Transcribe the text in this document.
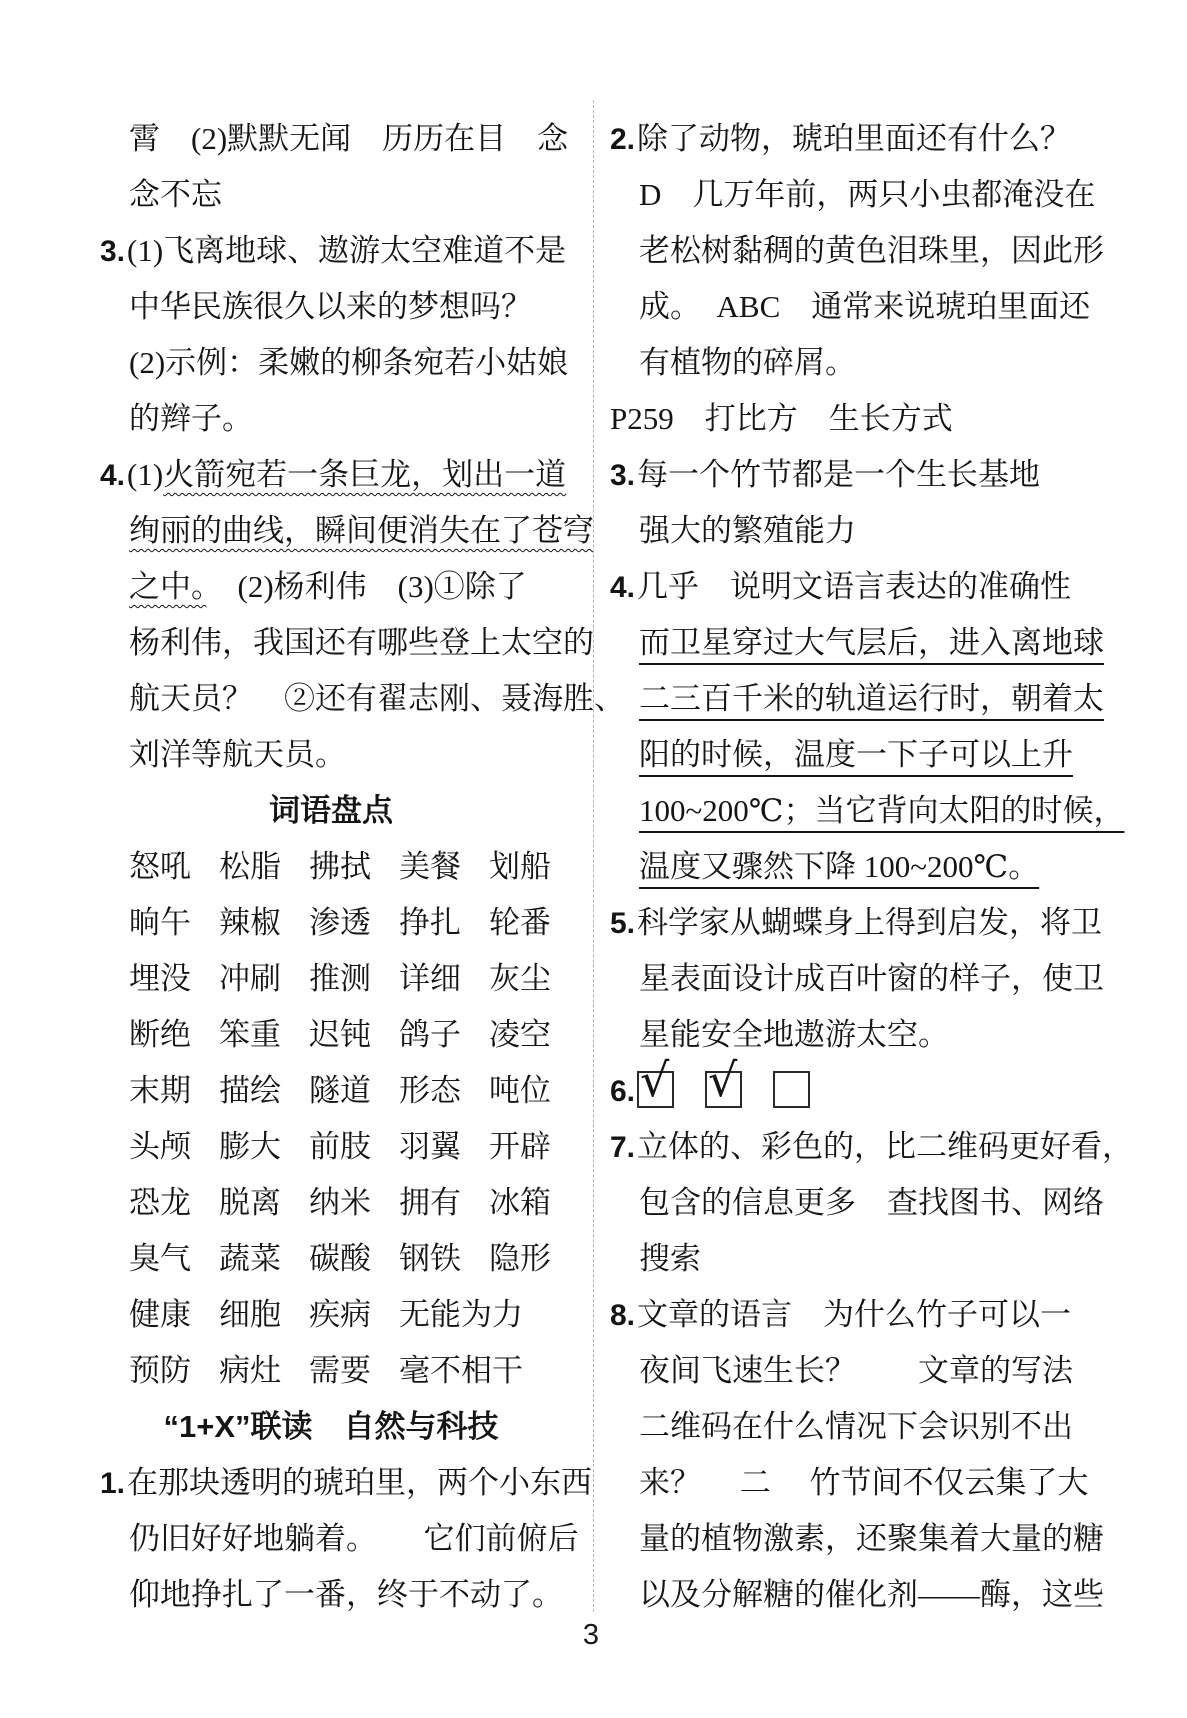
霄　(2)默默无闻　历历在目　念
念不忘
3.(1)飞离地球、遨游太空难道不是
中华民族很久以来的梦想吗？
(2)示例：柔嫩的柳条宛若小姑娘
的辫子。
4.(1)火箭宛若一条巨龙，划出一道
绚丽的曲线，瞬间便消失在了苍穹
之中。　(2)杨利伟　(3)①除了
杨利伟，我国还有哪些登上太空的
航天员？　②还有翟志刚、聂海胜、
刘洋等航天员。
词语盘点
怒吼 松脂 拂拭 美餐 划船
晌午 辣椒 渗透 挣扎 轮番
埋没 冲刷 推测 详细 灰尘
断绝 笨重 迟钝 鸽子 凌空
末期 描绘 隧道 形态 吨位
头颅 膨大 前肢 羽翼 开辟
恐龙 脱离 纳米 拥有 冰箱
臭气 蔬菜 碳酸 钢铁 隐形
健康 细胞 疾病 无能为力
预防 病灶 需要 毫不相干
“1+X”联读　自然与科技
1.在那块透明的琥珀里，两个小东西
仍旧好好地躺着。　　它们前俯后
仰地挣扎了一番，终于不动了。
2.除了动物，琥珀里面还有什么？
D　几万年前，两只小虫都淹没在
老松树黏稠的黄色泪珠里，因此形
成。　ABC　通常来说琥珀里面还
有植物的碎屑。
P259　打比方　生长方式
3.每一个竹节都是一个生长基地
强大的繁殖能力
4.几乎　说明文语言表达的准确性
而卫星穿过大气层后，进入离地球
二三百千米的轨道运行时，朝着太
阳的时候，温度一下子可以上升
100~200℃；当它背向太阳的时候，
温度又骤然下降 100~200℃。
5.科学家从蝴蝶身上得到启发，将卫
星表面设计成百叶窗的样子，使卫
星能安全地遨游太空。
6. √ √
7.立体的、彩色的，比二维码更好看，
包含的信息更多　查找图书、网络
搜索
8.文章的语言　为什么竹子可以一
夜间飞速生长？　　文章的写法
二维码在什么情况下会识别不出
来？　 二　 竹节间不仅云集了大
量的植物激素，还聚集着大量的糖
以及分解糖的催化剂——酶，这些
3
